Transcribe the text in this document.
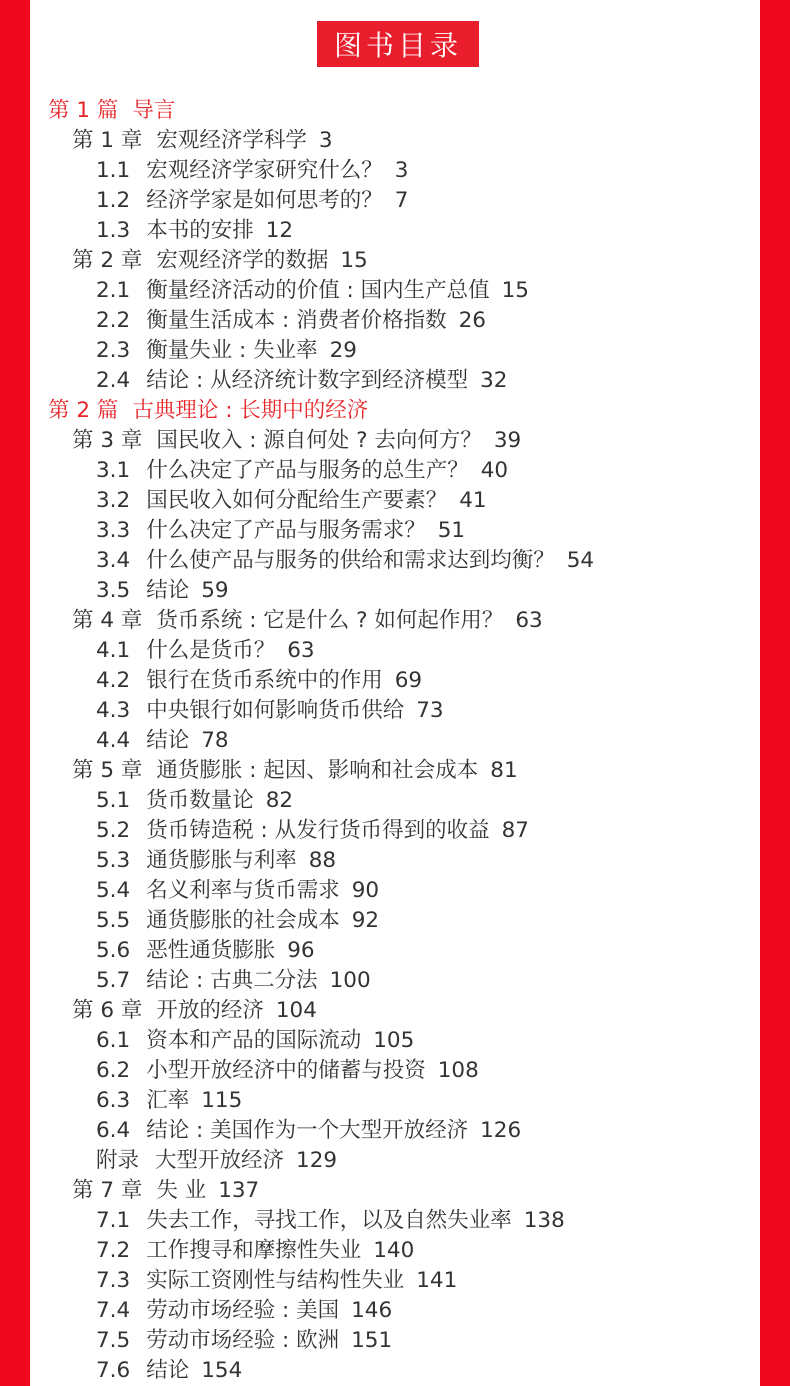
图书目录
第 1 篇 导言
第 1 章 宏观经济学科学 3
1.1 宏观经济学家研究什么？ 3
1.2 经济学家是如何思考的？ 7
1.3 本书的安排 12
第 2 章 宏观经济学的数据 15
2.1 衡量经济活动的价值 : 国内生产总值 15
2.2 衡量生活成本 : 消费者价格指数 26
2.3 衡量失业 : 失业率 29
2.4 结论 : 从经济统计数字到经济模型 32
第 2 篇 古典理论 : 长期中的经济
第 3 章 国民收入 : 源自何处 ? 去向何方？ 39
3.1 什么决定了产品与服务的总生产？ 40
3.2 国民收入如何分配给生产要素？ 41
3.3 什么决定了产品与服务需求？ 51
3.4 什么使产品与服务的供给和需求达到均衡？ 54
3.5 结论 59
第 4 章 货币系统 : 它是什么 ? 如何起作用？ 63
4.1 什么是货币？ 63
4.2 银行在货币系统中的作用 69
4.3 中央银行如何影响货币供给 73
4.4 结论 78
第 5 章 通货膨胀 : 起因、影响和社会成本 81
5.1 货币数量论 82
5.2 货币铸造税 : 从发行货币得到的收益 87
5.3 通货膨胀与利率 88
5.4 名义利率与货币需求 90
5.5 通货膨胀的社会成本 92
5.6 恶性通货膨胀 96
5.7 结论 : 古典二分法 100
第 6 章 开放的经济 104
6.1 资本和产品的国际流动 105
6.2 小型开放经济中的储蓄与投资 108
6.3 汇率 115
6.4 结论 : 美国作为一个大型开放经济 126
附录 大型开放经济 129
第 7 章 失 业 137
7.1 失去工作，寻找工作，以及自然失业率 138
7.2 工作搜寻和摩擦性失业 140
7.3 实际工资刚性与结构性失业 141
7.4 劳动市场经验 : 美国 146
7.5 劳动市场经验 : 欧洲 151
7.6 结论 154
